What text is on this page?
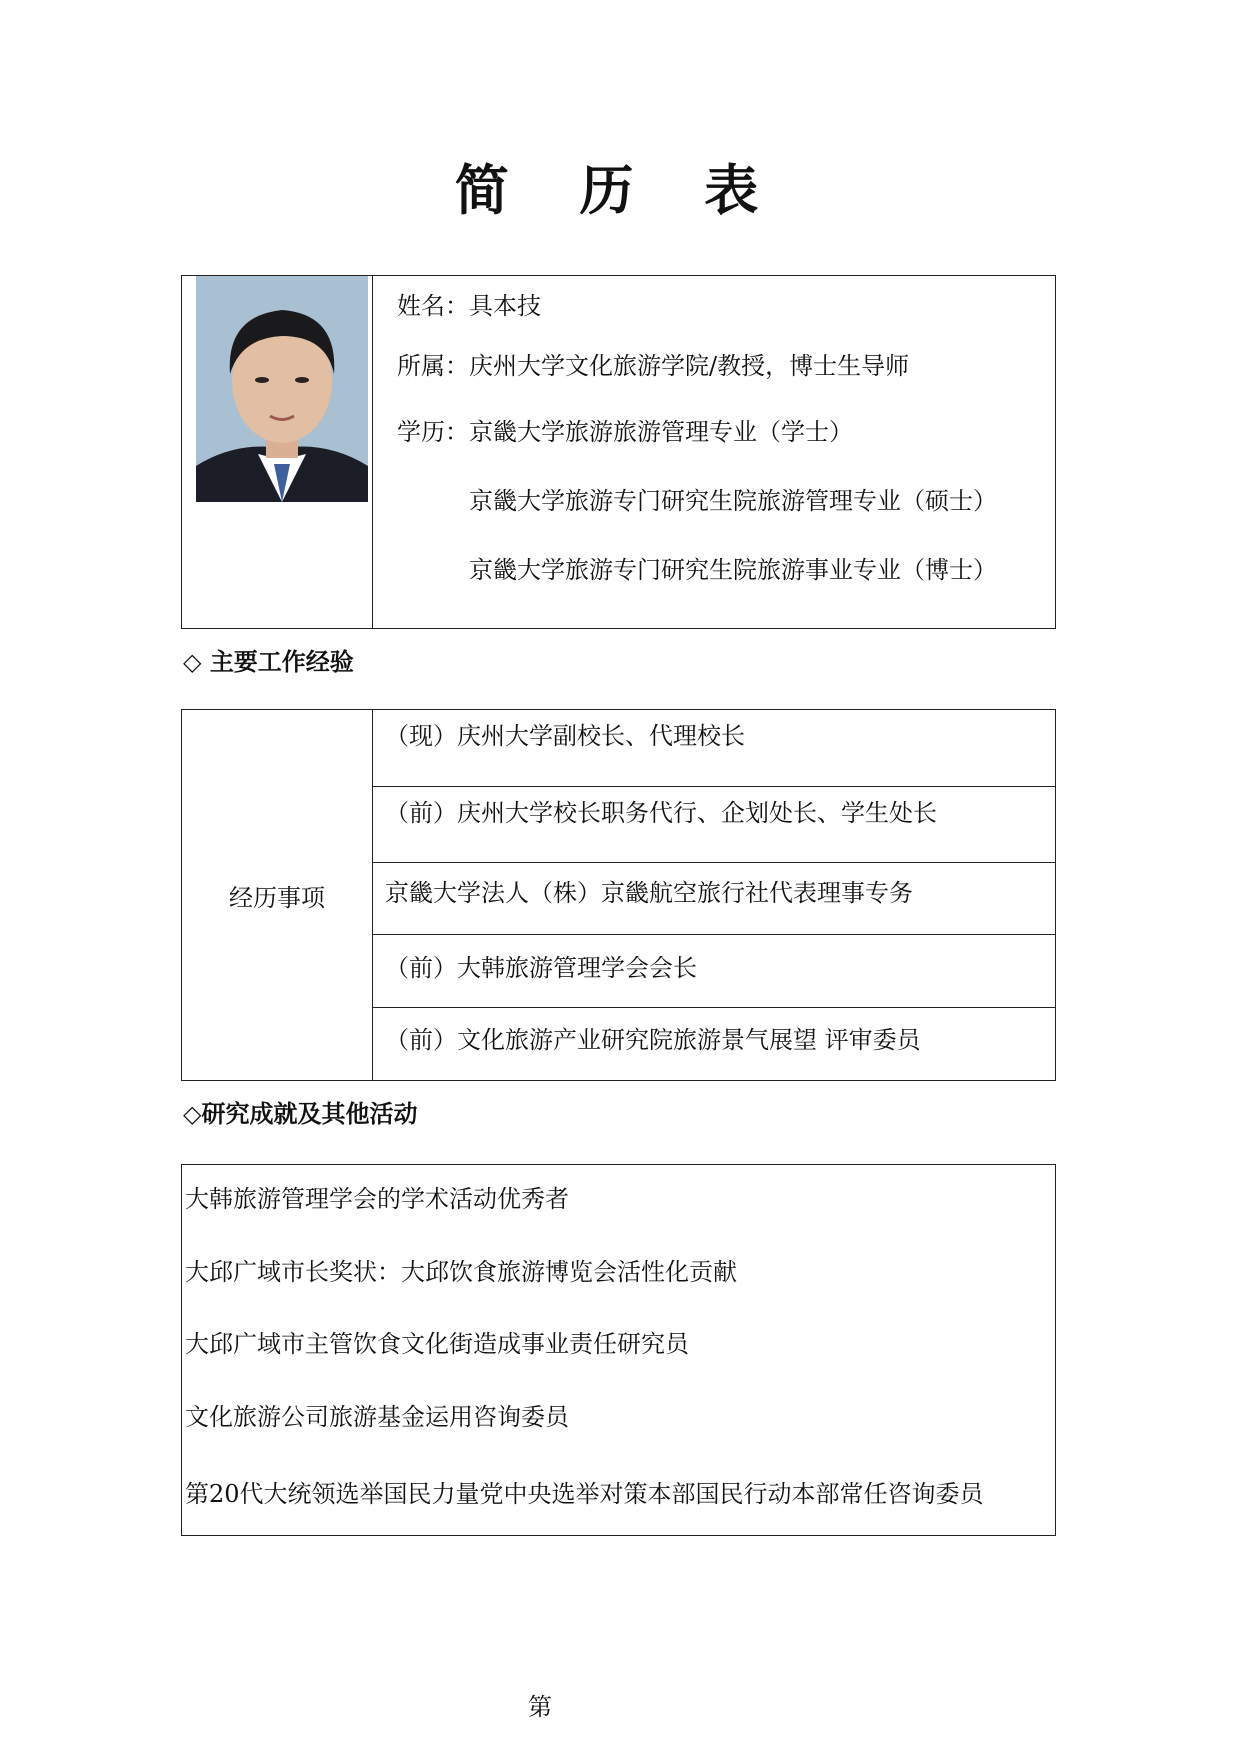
简 历 表
姓名：具本技
所属：庆州大学文化旅游学院/教授，博士生导师
学历：京畿大学旅游旅游管理专业（学士）
京畿大学旅游专门研究生院旅游管理专业（硕士）
京畿大学旅游专门研究生院旅游事业专业（博士）
◇ 主要工作经验
经历事项
（现）庆州大学副校长、代理校长
（前）庆州大学校长职务代行、企划处长、学生处长
京畿大学法人（株）京畿航空旅行社代表理事专务
（前）大韩旅游管理学会会长
（前）文化旅游产业研究院旅游景气展望 评审委员
◇研究成就及其他活动
大韩旅游管理学会的学术活动优秀者
大邱广域市长奖状：大邱饮食旅游博览会活性化贡献
大邱广域市主管饮食文化街造成事业责任研究员
文化旅游公司旅游基金运用咨询委员
第20代大统领选举国民力量党中央选举对策本部国民行动本部常任咨询委员
第
